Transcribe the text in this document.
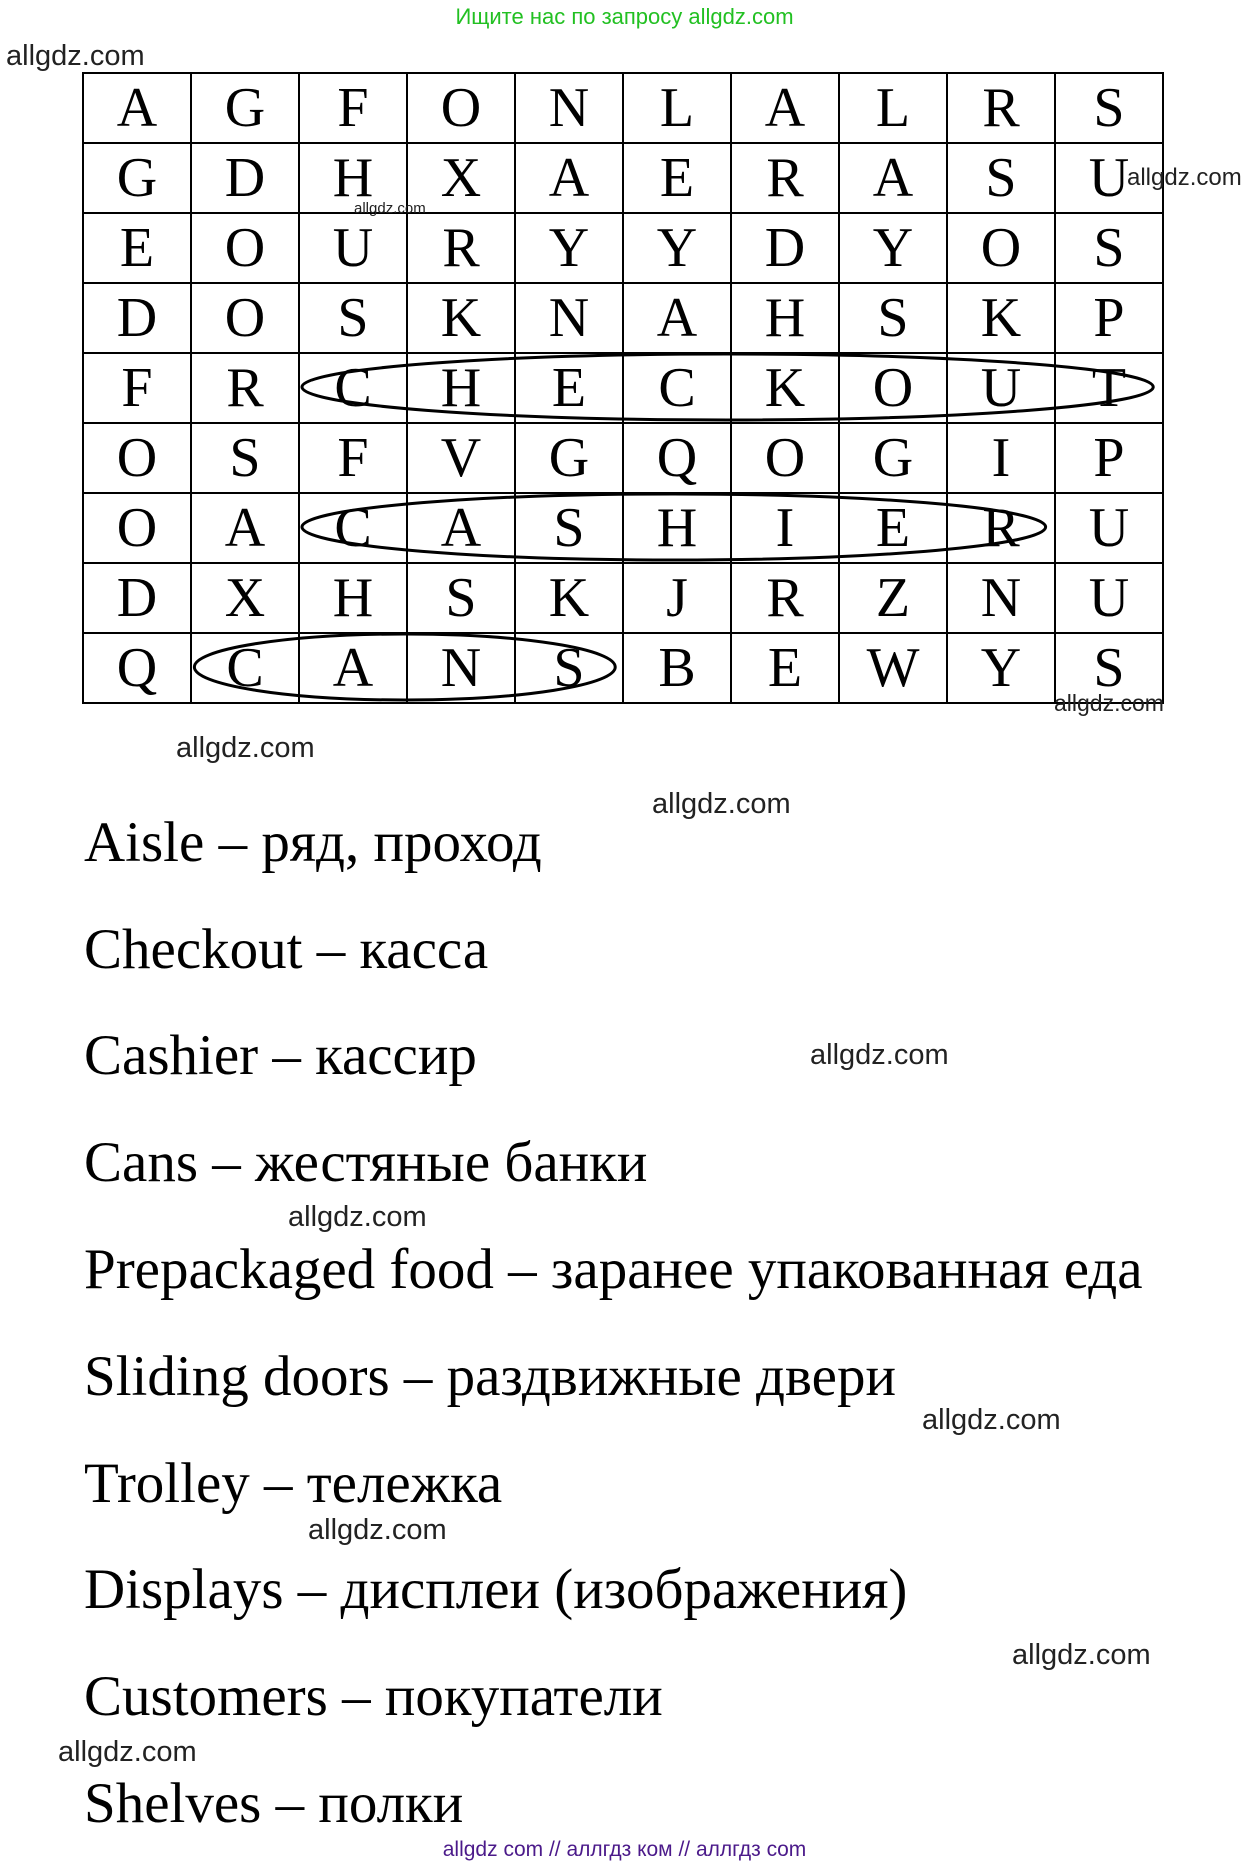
Ищите нас по запросу allgdz.com
A	G	F	O	N	L	A	L	R	S
G	D	H	X	A	E	R	A	S	U
E	O	U	R	Y	Y	D	Y	O	S
D	O	S	K	N	A	H	S	K	P
F	R	C	H	E	C	K	O	U	T
O	S	F	V	G	Q	O	G	I	P
O	A	C	A	S	H	I	E	R	U
D	X	H	S	K	J	R	Z	N	U
Q	C	A	N	S	B	E	W	Y	S
Aisle – ряд, проход
Checkout – касса
Cashier – кассир
Cans – жестяные банки
Prepackaged food – заранее упакованная еда
Sliding doors – раздвижные двери
Trolley – тележка
Displays – дисплеи (изображения)
Customers – покупатели
Shelves – полки
allgdz.com
allgdz.com
allgdz.com
allgdz.com
allgdz.com
allgdz.com
allgdz.com
allgdz.com
allgdz.com
allgdz.com
allgdz.com
allgdz.com
allgdz com // аллгдз ком // аллгдз com
